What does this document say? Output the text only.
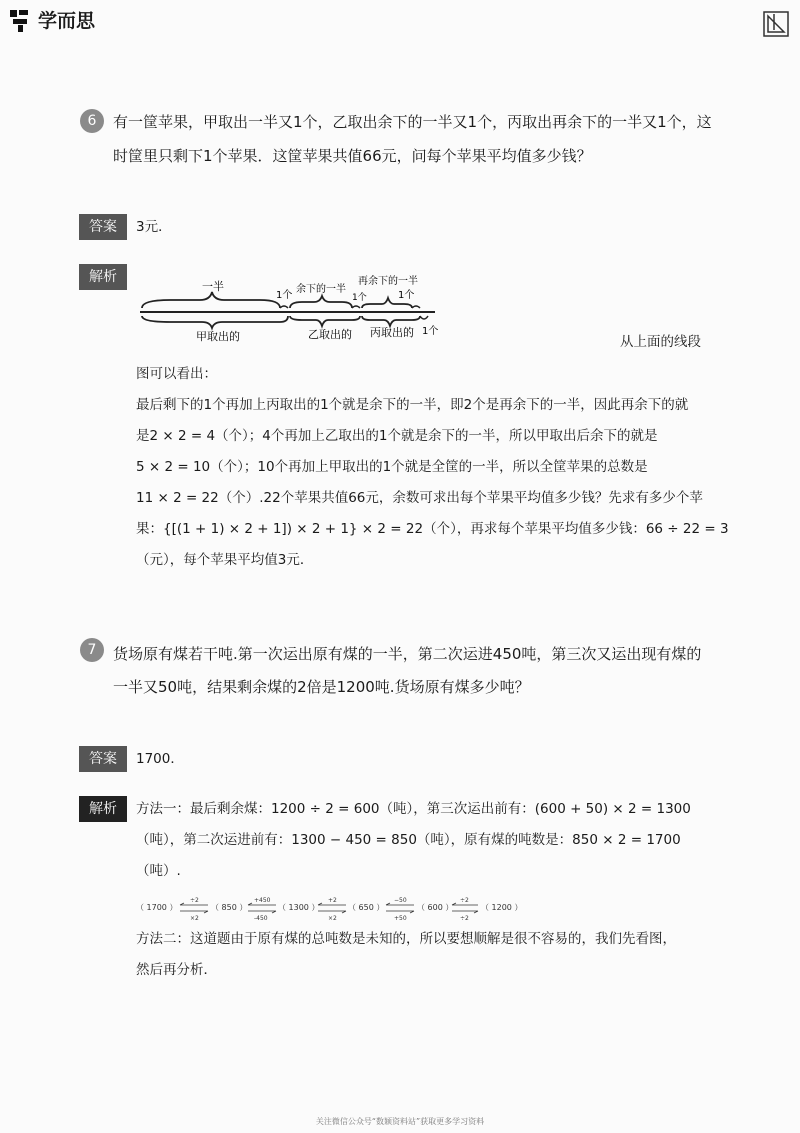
学而思
6	有一筐苹果，甲取出一半又1个，乙取出余下的一半又1个，丙取出再余下的一半又1个，这
时筐里只剩下1个苹果．这筐苹果共值66元，问每个苹果平均值多少钱？
答案	3元．
解析
一半
1个
余下的一半
再余下的一半
1个
1个
甲取出的	乙取出的 丙取出的 1个
从上面的线段
图可以看出：
最后剩下的1个再加上丙取出的1个就是余下的一半，即2个是再余下的一半，因此再余下的就
是2 × 2 = 4（个）；4个再加上乙取出的1个就是余下的一半，所以甲取出后余下的就是
5 × 2 = 10（个）；10个再加上甲取出的1个就是全筐的一半，所以全筐苹果的总数是
11 × 2 = 22（个）.22个苹果共值66元，余数可求出每个苹果平均值多少钱？先求有多少个苹
果：{[(1 + 1) × 2 + 1]) × 2 + 1} × 2 = 22（个），再求每个苹果平均值多少钱：66 ÷ 22 = 3
（元），每个苹果平均值3元．
7	货场原有煤若干吨.第一次运出原有煤的一半，第二次运进450吨，第三次又运出现有煤的
一半又50吨，结果剩余煤的2倍是1200吨.货场原有煤多少吨？
答案	1700．
解析	方法一：最后剩余煤：1200 ÷ 2 = 600（吨），第三次运出前有：(600 + 50) × 2 = 1300
（吨），第二次运进前有：1300 − 450 = 850（吨），原有煤的吨数是：850 × 2 = 1700
（吨）.
（ 1700 ）	（ 850 ）	（ 1300 ）	（ 650 ）	（ 600 ）	（ 1200 ）
÷2	+450	+2	−50	÷2
×2	-450	×2	+50	÷2
方法二：这道题由于原有煤的总吨数是未知的，所以要想顺解是很不容易的，我们先看图，
然后再分析．
关注微信公众号“数颖资料站”获取更多学习资料
